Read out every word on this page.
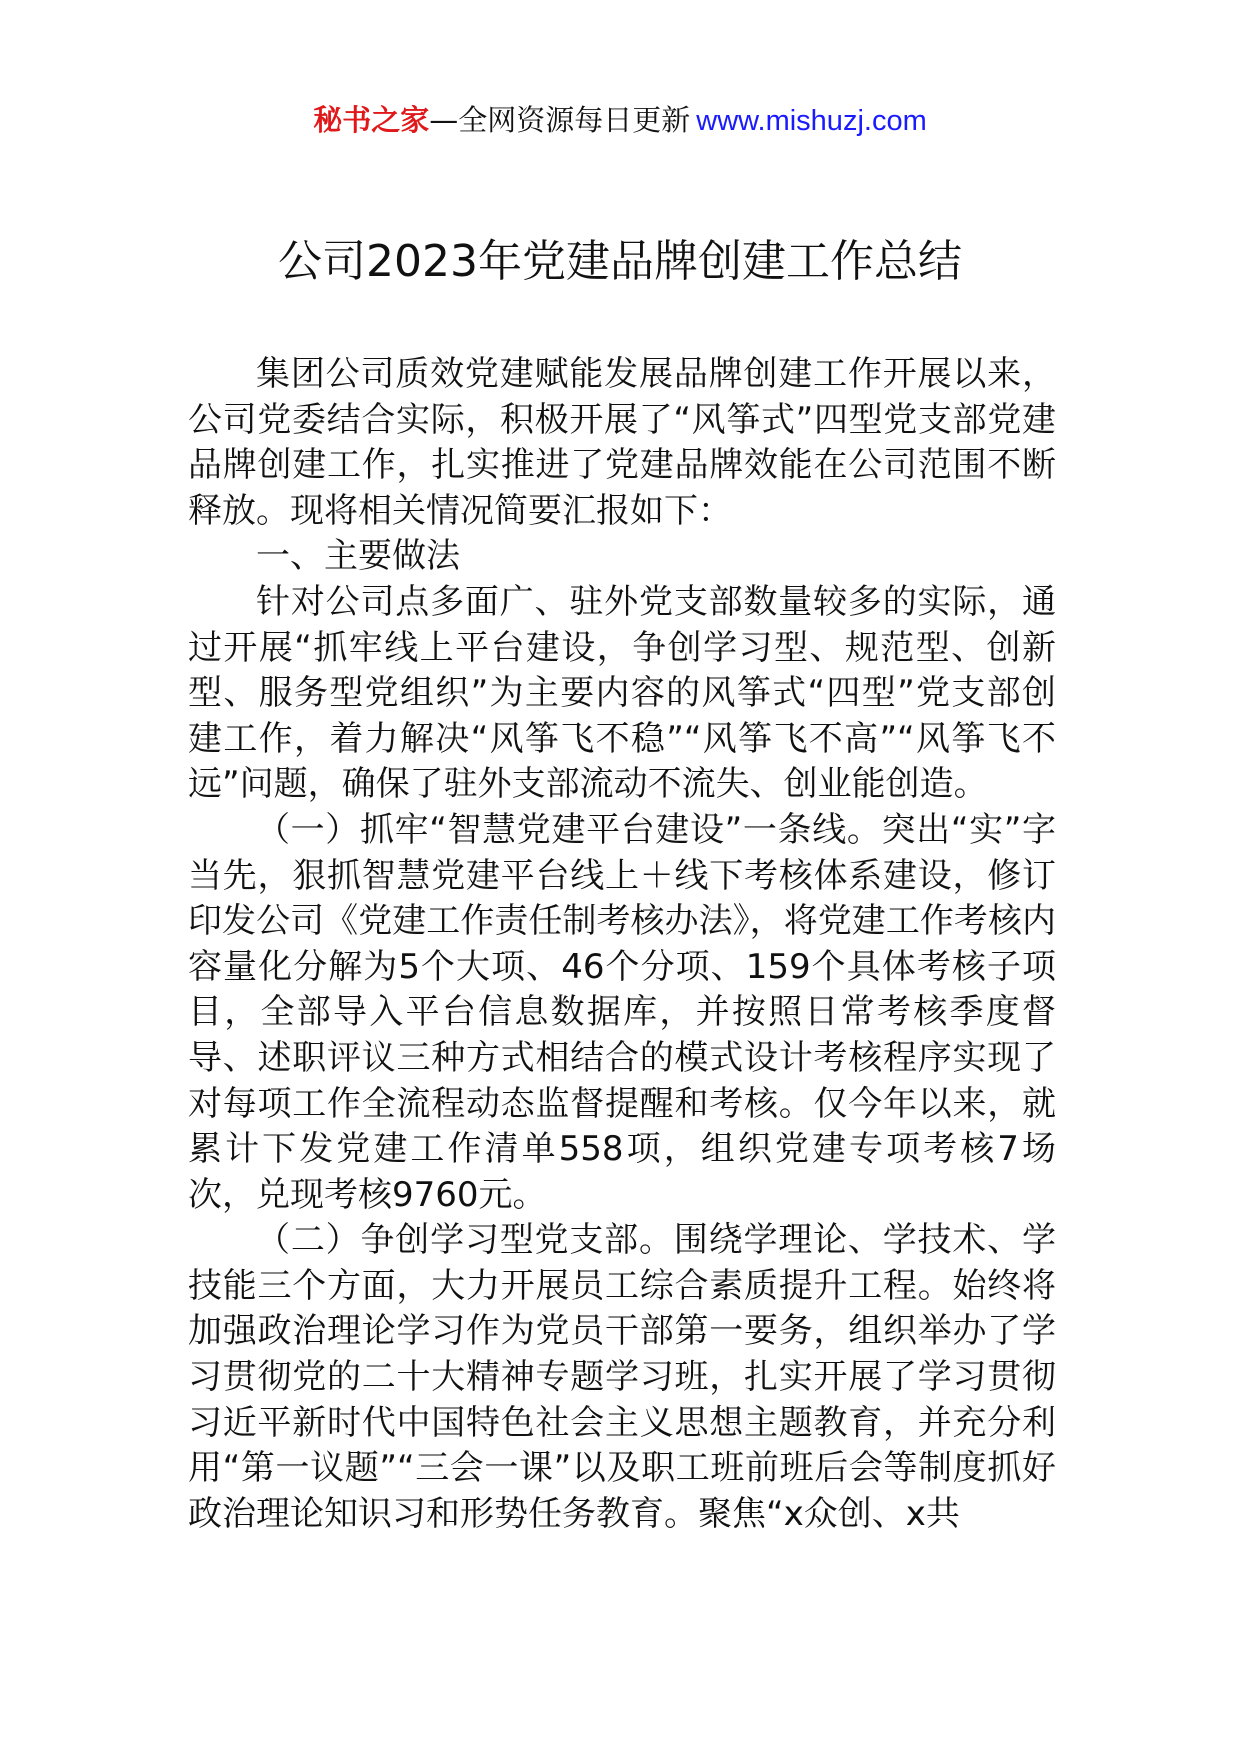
秘书之家—全网资源每日更新 www.mishuzj.com
公司2023年党建品牌创建工作总结

集团公司质效党建赋能发展品牌创建工作开展以来，公司党委结合实际，积极开展了“风筝式”四型党支部党建品牌创建工作，扎实推进了党建品牌效能在公司范围不断释放。现将相关情况简要汇报如下：

一、主要做法

针对公司点多面广、驻外党支部数量较多的实际，通过开展“抓牢线上平台建设，争创学习型、规范型、创新型、服务型党组织”为主要内容的风筝式“四型”党支部创建工作，着力解决“风筝飞不稳”“风筝飞不高”“风筝飞不远”问题，确保了驻外支部流动不流失、创业能创造。

（一）抓牢“智慧党建平台建设”一条线。突出“实”字当先，狠抓智慧党建平台线上＋线下考核体系建设，修订印发公司《党建工作责任制考核办法》，将党建工作考核内容量化分解为5个大项、46个分项、159个具体考核子项目，全部导入平台信息数据库，并按照日常考核季度督导、述职评议三种方式相结合的模式设计考核程序实现了对每项工作全流程动态监督提醒和考核。仅今年以来，就累计下发党建工作清单558项，组织党建专项考核7场次，兑现考核9760元。

（二）争创学习型党支部。围绕学理论、学技术、学技能三个方面，大力开展员工综合素质提升工程。始终将加强政治理论学习作为党员干部第一要务，组织举办了学习贯彻党的二十大精神专题学习班，扎实开展了学习贯彻习近平新时代中国特色社会主义思想主题教育，并充分利用“第一议题”“三会一课”以及职工班前班后会等制度抓好政治理论知识习和形势任务教育。聚焦“x众创、x共
